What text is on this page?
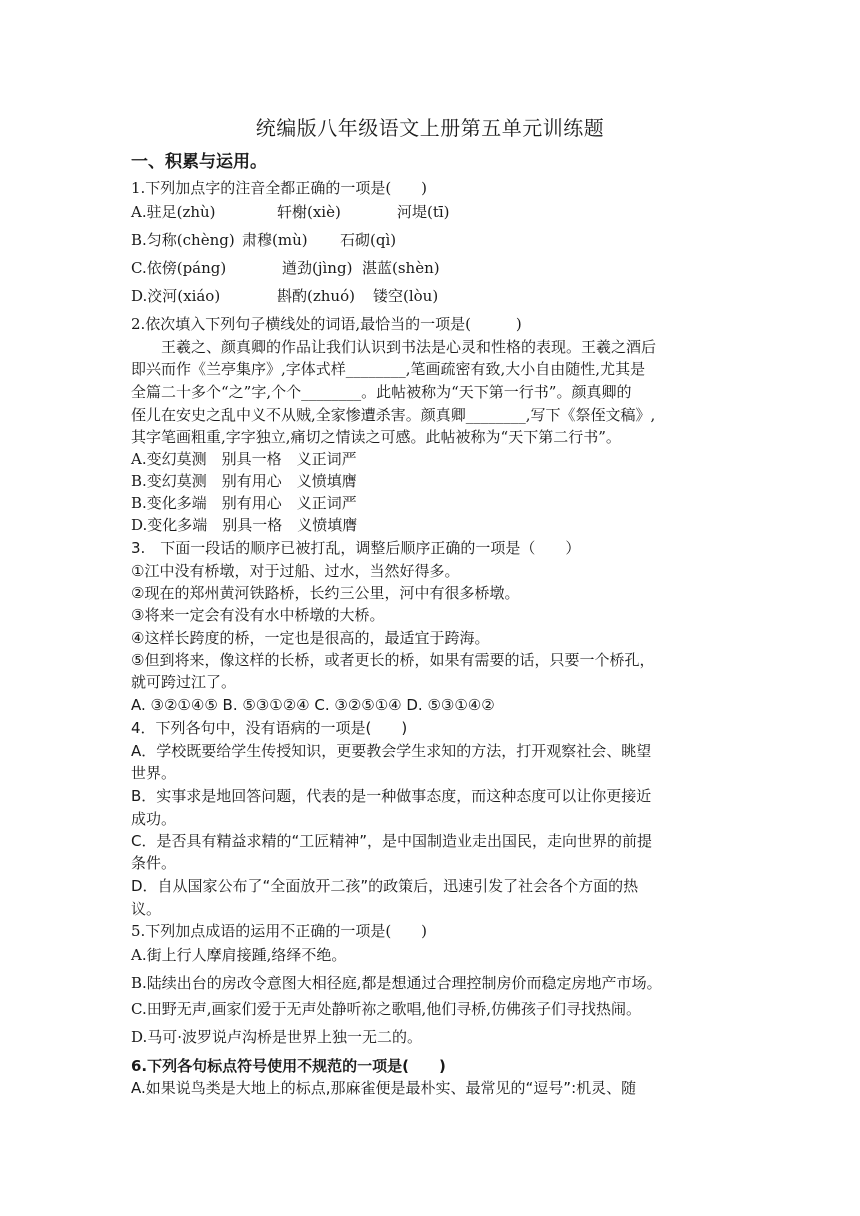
统编版八年级语文上册第五单元训练题
一、积累与运用。
1.下列加点字的注音全都正确的一项是(　　)
A.驻足(zhù)	轩榭(xiè)	河堤(tī)
B.匀称(chèng) 肃穆(mù) 石砌(qì)
C.依傍(páng)	遒劲(jìng) 湛蓝(shèn)
D.洨河(xiáo)	斟酌(zhuó) 镂空(lòu)
2.依次填入下列句子横线处的词语,最恰当的一项是(　　　)
王羲之、颜真卿的作品让我们认识到书法是心灵和性格的表现。王羲之酒后
即兴而作《兰亭集序》,字体式样________,笔画疏密有致,大小自由随性,尤其是
全篇二十多个“之”字,个个________。此帖被称为“天下第一行书”。颜真卿的
侄儿在安史之乱中义不从贼,全家惨遭杀害。颜真卿________,写下《祭侄文稿》,
其字笔画粗重,字字独立,痛切之情读之可感。此帖被称为“天下第二行书”。
A.变幻莫测　别具一格　义正词严
B.变幻莫测　别有用心　义愤填膺
B.变化多端　别有用心　义正词严
D.变化多端　别具一格　义愤填膺
3.　下面一段话的顺序已被打乱，调整后顺序正确的一项是（　　）
①江中没有桥墩，对于过船、过水，当然好得多。
②现在的郑州黄河铁路桥，长约三公里，河中有很多桥墩。
③将来一定会有没有水中桥墩的大桥。
④这样长跨度的桥，一定也是很高的，最适宜于跨海。
⑤但到将来，像这样的长桥，或者更长的桥，如果有需要的话，只要一个桥孔，
就可跨过江了。
A. ③②①④⑤ B. ⑤③①②④ C. ③②⑤①④ D. ⑤③①④②
4．下列各句中，没有语病的一项是(　　)
A．学校既要给学生传授知识，更要教会学生求知的方法，打开观察社会、眺望
世界。
B．实事求是地回答问题，代表的是一种做事态度，而这种态度可以让你更接近
成功。
C．是否具有精益求精的“工匠精神”，是中国制造业走出国民，走向世界的前提
条件。
D．自从国家公布了“全面放开二孩”的政策后，迅速引发了社会各个方面的热
议。
5.下列加点成语的运用不正确的一项是(　　)
A.街上行人摩肩接踵,络绎不绝。
B.陆续出台的房改令意图大相径庭,都是想通过合理控制房价而稳定房地产市场。
C.田野无声,画家们爱于无声处静听祢之歌唱,他们寻桥,仿佛孩子们寻找热闹。
D.马可·波罗说卢沟桥是世界上独一无二的。
6.下列各句标点符号使用不规范的一项是(　　)
A.如果说鸟类是大地上的标点,那麻雀便是最朴实、最常见的“逗号”:机灵、随
